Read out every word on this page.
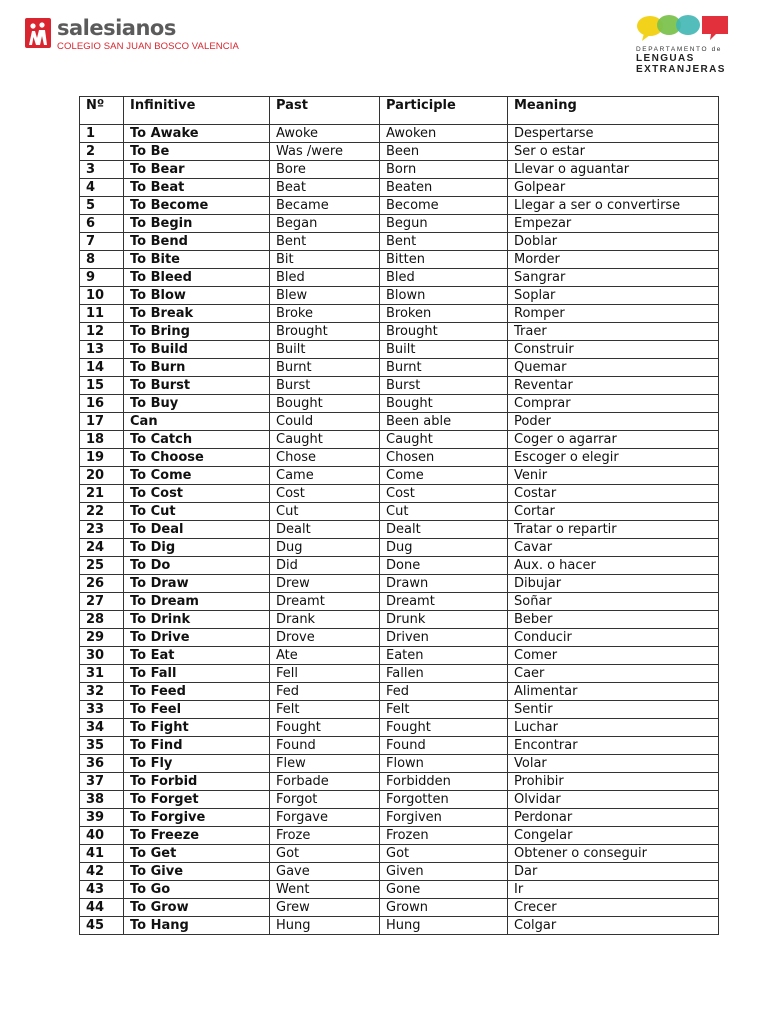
salesianos
COLEGIO SAN JUAN BOSCO VALENCIA	DEPARTAMENTO de
LENGUAS
EXTRANJERAS
Nº	Infinitive	Past	Participle	Meaning
1	To Awake	Awoke	Awoken	Despertarse
2	To Be	Was /were	Been	Ser o estar
3	To Bear	Bore	Born	Llevar o aguantar
4	To Beat	Beat	Beaten	Golpear
5	To Become	Became	Become	Llegar a ser o convertirse
6	To Begin	Began	Begun	Empezar
7	To Bend	Bent	Bent	Doblar
8	To Bite	Bit	Bitten	Morder
9	To Bleed	Bled	Bled	Sangrar
10	To Blow	Blew	Blown	Soplar
11	To Break	Broke	Broken	Romper
12	To Bring	Brought	Brought	Traer
13	To Build	Built	Built	Construir
14	To Burn	Burnt	Burnt	Quemar
15	To Burst	Burst	Burst	Reventar
16	To Buy	Bought	Bought	Comprar
17	Can	Could	Been able	Poder
18	To Catch	Caught	Caught	Coger o agarrar
19	To Choose	Chose	Chosen	Escoger o elegir
20	To Come	Came	Come	Venir
21	To Cost	Cost	Cost	Costar
22	To Cut	Cut	Cut	Cortar
23	To Deal	Dealt	Dealt	Tratar o repartir
24	To Dig	Dug	Dug	Cavar
25	To Do	Did	Done	Aux. o hacer
26	To Draw	Drew	Drawn	Dibujar
27	To Dream	Dreamt	Dreamt	Soñar
28	To Drink	Drank	Drunk	Beber
29	To Drive	Drove	Driven	Conducir
30	To Eat	Ate	Eaten	Comer
31	To Fall	Fell	Fallen	Caer
32	To Feed	Fed	Fed	Alimentar
33	To Feel	Felt	Felt	Sentir
34	To Fight	Fought	Fought	Luchar
35	To Find	Found	Found	Encontrar
36	To Fly	Flew	Flown	Volar
37	To Forbid	Forbade	Forbidden	Prohibir
38	To Forget	Forgot	Forgotten	Olvidar
39	To Forgive	Forgave	Forgiven	Perdonar
40	To Freeze	Froze	Frozen	Congelar
41	To Get	Got	Got	Obtener o conseguir
42	To Give	Gave	Given	Dar
43	To Go	Went	Gone	Ir
44	To Grow	Grew	Grown	Crecer
45	To Hang	Hung	Hung	Colgar
